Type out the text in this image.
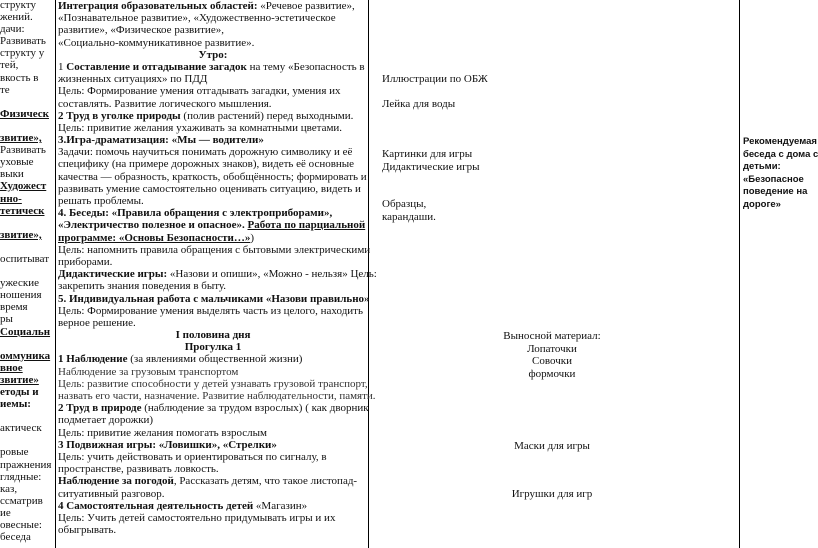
структу
жений.
дачи:
Развивать
структу у
тей,
вкость в
те

Физическ

звитие»,
Развивать
уховые
выки
Художест
нно-
тетическ

звитие»,

оспитыват

ужеские
ношения
время
ры
Социальн

оммуника
вное
звитие»
етоды и
иемы:

актическ

ровые
пражнения
глядные:
каз,
ссматрив
ие
овесные:
беседа
Интеграция образовательных областей: «Речевое развитие»,
«Познавательное развитие», «Художественно-эстетическое
развитие», «Физическое развитие»,
«Социально-коммуникативное развитие».
Утро:
1 Составление и отгадывание загадок на тему «Безопасность в
жизненных ситуациях» по ПДД
Цель: Формирование умения отгадывать загадки, умения их
составлять. Развитие логического мышления.
2 Труд в уголке природы (полив растений) перед выходными.
Цель: привитие желания ухаживать за комнатными цветами.
3.Игра-драматизация: «Мы — водители»
Задачи: помочь научиться понимать дорожную символику и её
специфику (на примере дорожных знаков), видеть её основные
качества — образность, краткость, обобщённость; формировать и
развивать умение самостоятельно оценивать ситуацию, видеть и
решать проблемы.
4. Беседы: «Правила обращения с электроприборами»,
«Электричество полезное и опасное». Работа по парциальной
программе: «Основы Безопасности…»)
Цель: напомнить правила обращения с бытовыми электрическими
приборами.
Дидактические игры: «Назови и опиши», «Можно - нельзя» Цель:
закрепить знания поведения в быту.
5. Индивидуальная работа с мальчиками «Назови правильно»
Цель: Формирование умения выделять часть из целого, находить
верное решение.
I половина дня
Прогулка 1
1 Наблюдение (за явлениями общественной жизни)
Наблюдение за грузовым транспортом
Цель: развитие способности у детей узнавать грузовой транспорт,
назвать его части, назначение. Развитие наблюдательности, памяти.
2 Труд в природе (наблюдение за трудом взрослых) ( как дворник
подметает дорожки)
Цель: привитие желания помогать взрослым
3 Подвижная игры: «Ловишки», «Стрелки»
Цель: учить действовать и ориентироваться по сигналу, в
пространстве, развивать ловкость.
Наблюдение за погодой, Рассказать детям, что такое листопад-
ситуативный разговор.
4 Самостоятельная деятельность детей «Магазин»
Цель: Учить детей самостоятельно придумывать игры и их
обыгрывать.
Иллюстрации по ОБЖ
Лейка для воды
Картинки для игры
Дидактические игры
Образцы,
карандаши.
Выносной материал:
Лопаточки
Совочки
формочки
Маски для игры
Игрушки для игр
Рекомендуемая
беседа с дома с
детьми:
«Безопасное
поведение на
дороге»
